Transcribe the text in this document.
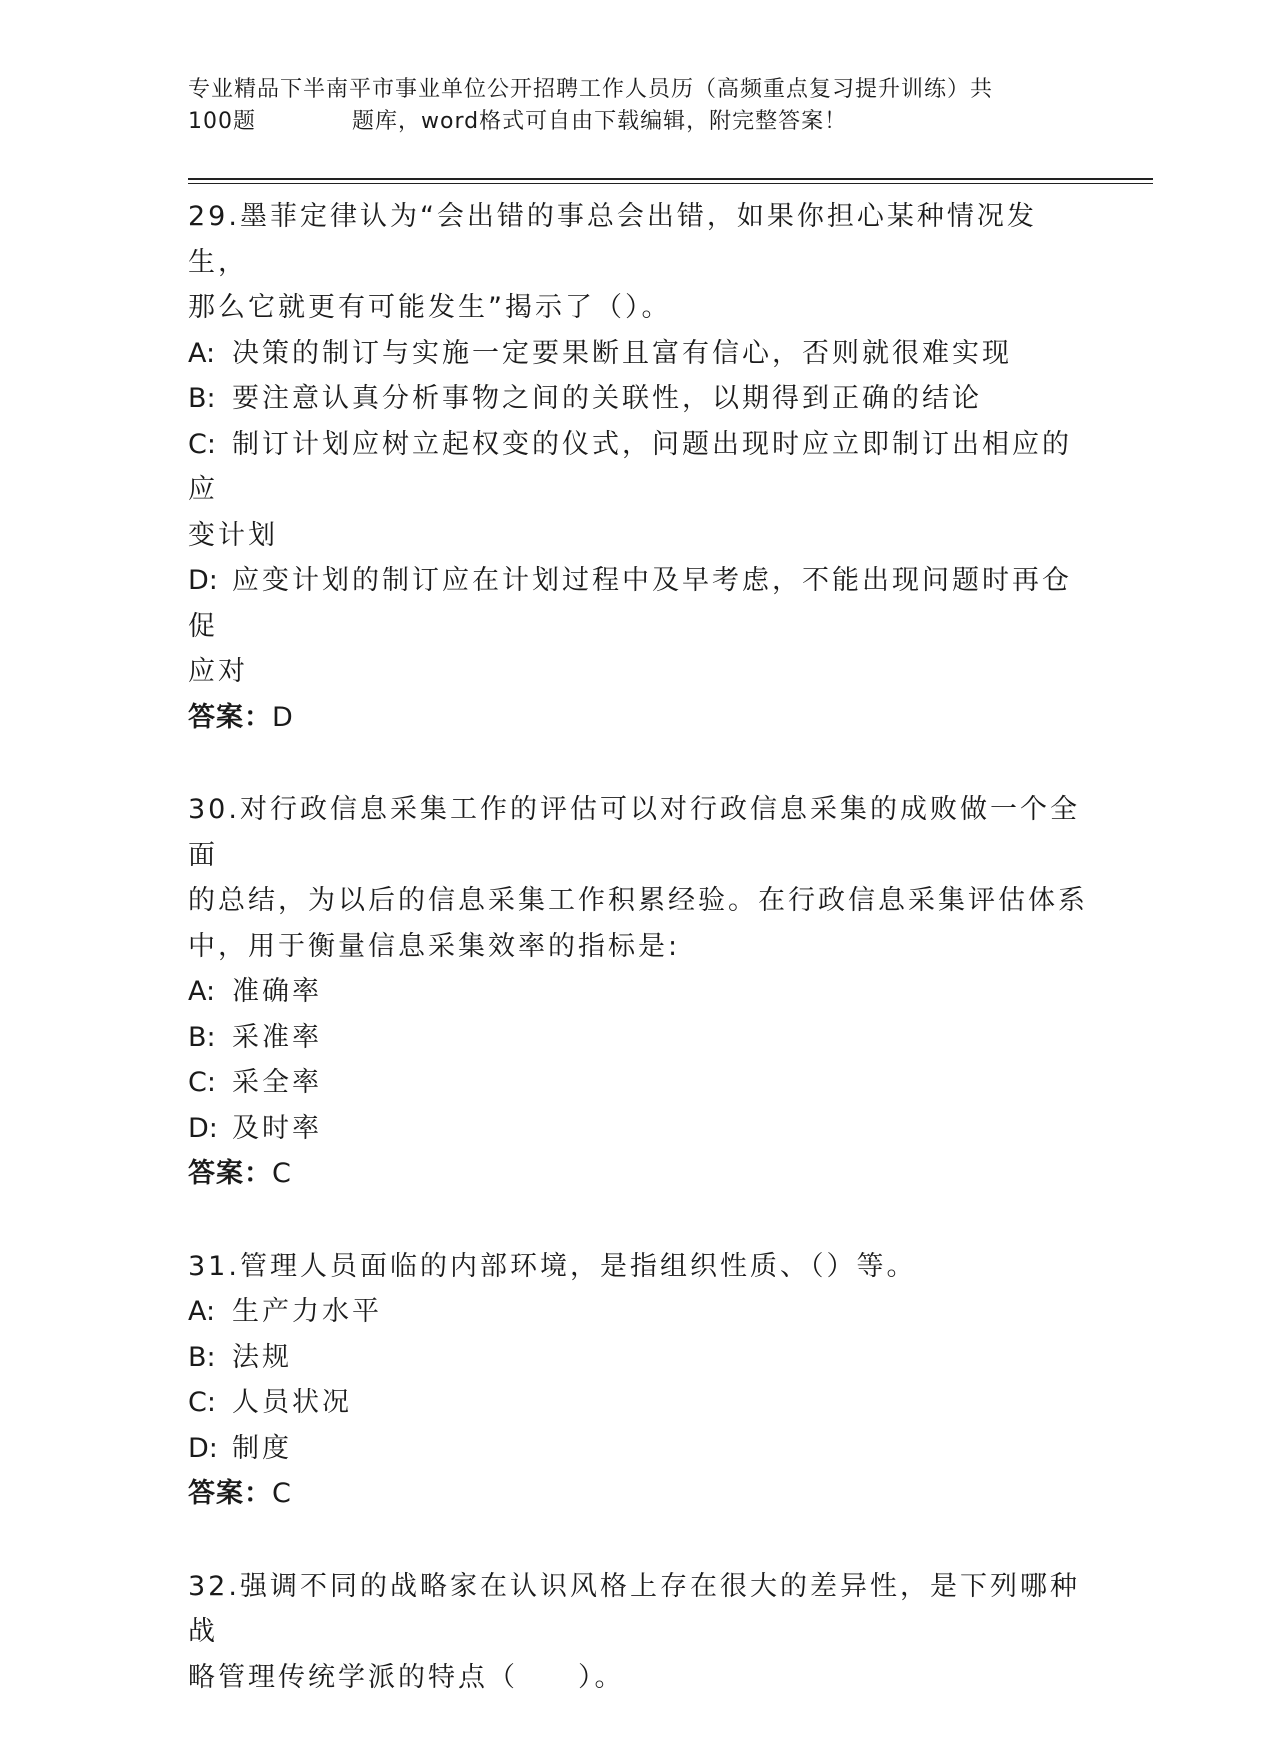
专业精品下半南平市事业单位公开招聘工作人员历（高频重点复习提升训练）共
100题	题库，word格式可自由下载编辑，附完整答案！
29.墨菲定律认为“会出错的事总会出错，如果你担心某种情况发生，
那么它就更有可能发生”揭示了（）。
A: 决策的制订与实施一定要果断且富有信心，否则就很难实现
B: 要注意认真分析事物之间的关联性，以期得到正确的结论
C: 制订计划应树立起权变的仪式，问题出现时应立即制订出相应的应
变计划
D: 应变计划的制订应在计划过程中及早考虑，不能出现问题时再仓促
应对
答案：D
30.对行政信息采集工作的评估可以对行政信息采集的成败做一个全面
的总结，为以后的信息采集工作积累经验。在行政信息采集评估体系
中，用于衡量信息采集效率的指标是:
A: 准确率
B: 采准率
C: 采全率
D: 及时率
答案：C
31.管理人员面临的内部环境，是指组织性质、（）等。
A: 生产力水平
B: 法规
C: 人员状况
D: 制度
答案：C
32.强调不同的战略家在认识风格上存在很大的差异性，是下列哪种战
略管理传统学派的特点（　　）。
